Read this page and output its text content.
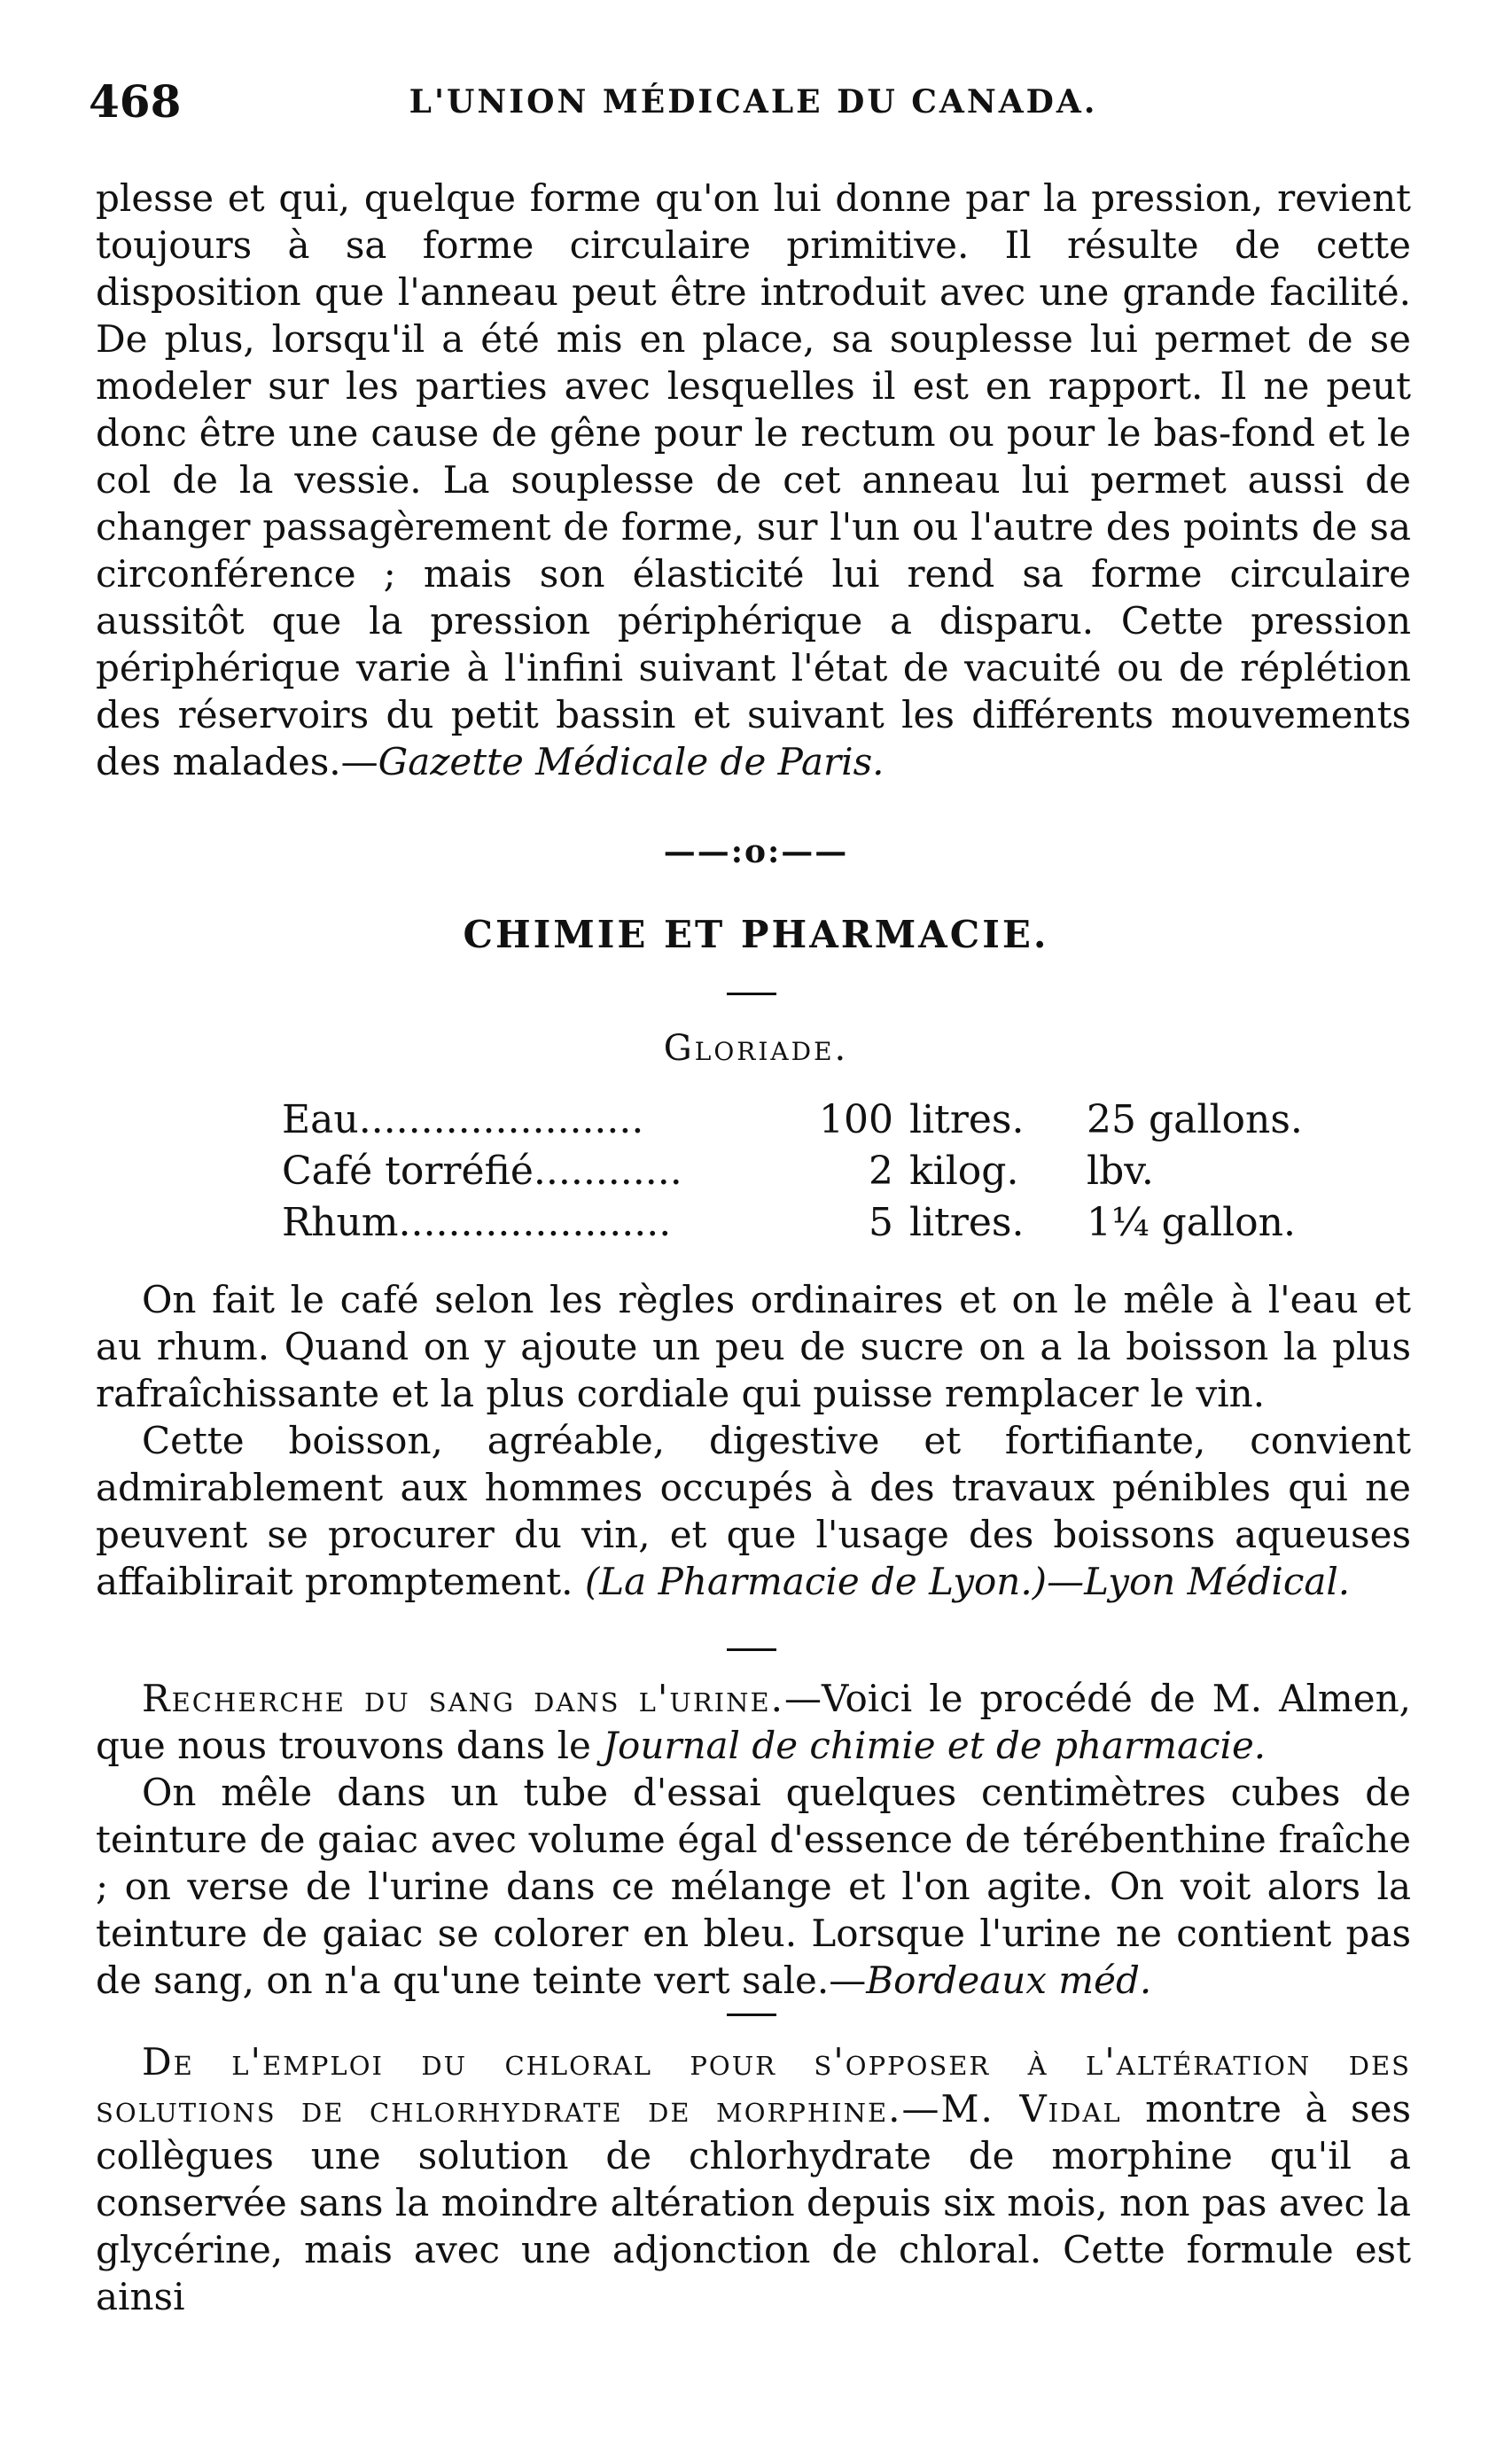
468	L'UNION MÉDICALE DU CANADA.

plesse et qui, quelque forme qu'on lui donne par la pression, revient toujours à sa forme circulaire primitive. Il résulte de cette disposition que l'anneau peut être introduit avec une grande facilité. De plus, lorsqu'il a été mis en place, sa souplesse lui permet de se modeler sur les parties avec lesquelles il est en rapport. Il ne peut donc être une cause de gêne pour le rectum ou pour le bas-fond et le col de la vessie. La souplesse de cet anneau lui permet aussi de changer passagèrement de forme, sur l'un ou l'autre des points de sa circonférence ; mais son élasticité lui rend sa forme circulaire aussitôt que la pression périphérique a disparu. Cette pression périphérique varie à l'infini suivant l'état de vacuité ou de réplétion des réservoirs du petit bassin et suivant les différents mouvements des malades.—Gazette Médicale de Paris.

——:o:——
CHIMIE ET PHARMACIE.
Gloriade.
Eau.......................	100	litres.	25 gallons.
Café torréfié............	2	kilog.	lbv.
Rhum......................	5	litres.	1¼ gallon.

On fait le café selon les règles ordinaires et on le mêle à l'eau et au rhum. Quand on y ajoute un peu de sucre on a la boisson la plus rafraîchissante et la plus cordiale qui puisse remplacer le vin.

Cette boisson, agréable, digestive et fortifiante, convient admirablement aux hommes occupés à des travaux pénibles qui ne peuvent se procurer du vin, et que l'usage des boissons aqueuses affaiblirait promptement. (La Pharmacie de Lyon.)—Lyon Médical.

Recherche du sang dans l'urine.—Voici le procédé de M. Almen, que nous trouvons dans le Journal de chimie et de pharmacie.

On mêle dans un tube d'essai quelques centimètres cubes de teinture de gaiac avec volume égal d'essence de térébenthine fraîche ; on verse de l'urine dans ce mélange et l'on agite. On voit alors la teinture de gaiac se colorer en bleu. Lorsque l'urine ne contient pas de sang, on n'a qu'une teinte vert sale.—Bordeaux méd.

De l'emploi du chloral pour s'opposer à l'altération des solutions de chlorhydrate de morphine.—M. Vidal montre à ses collègues une solution de chlorhydrate de morphine qu'il a conservée sans la moindre altération depuis six mois, non pas avec la glycérine, mais avec une adjonction de chloral. Cette formule est ainsi
